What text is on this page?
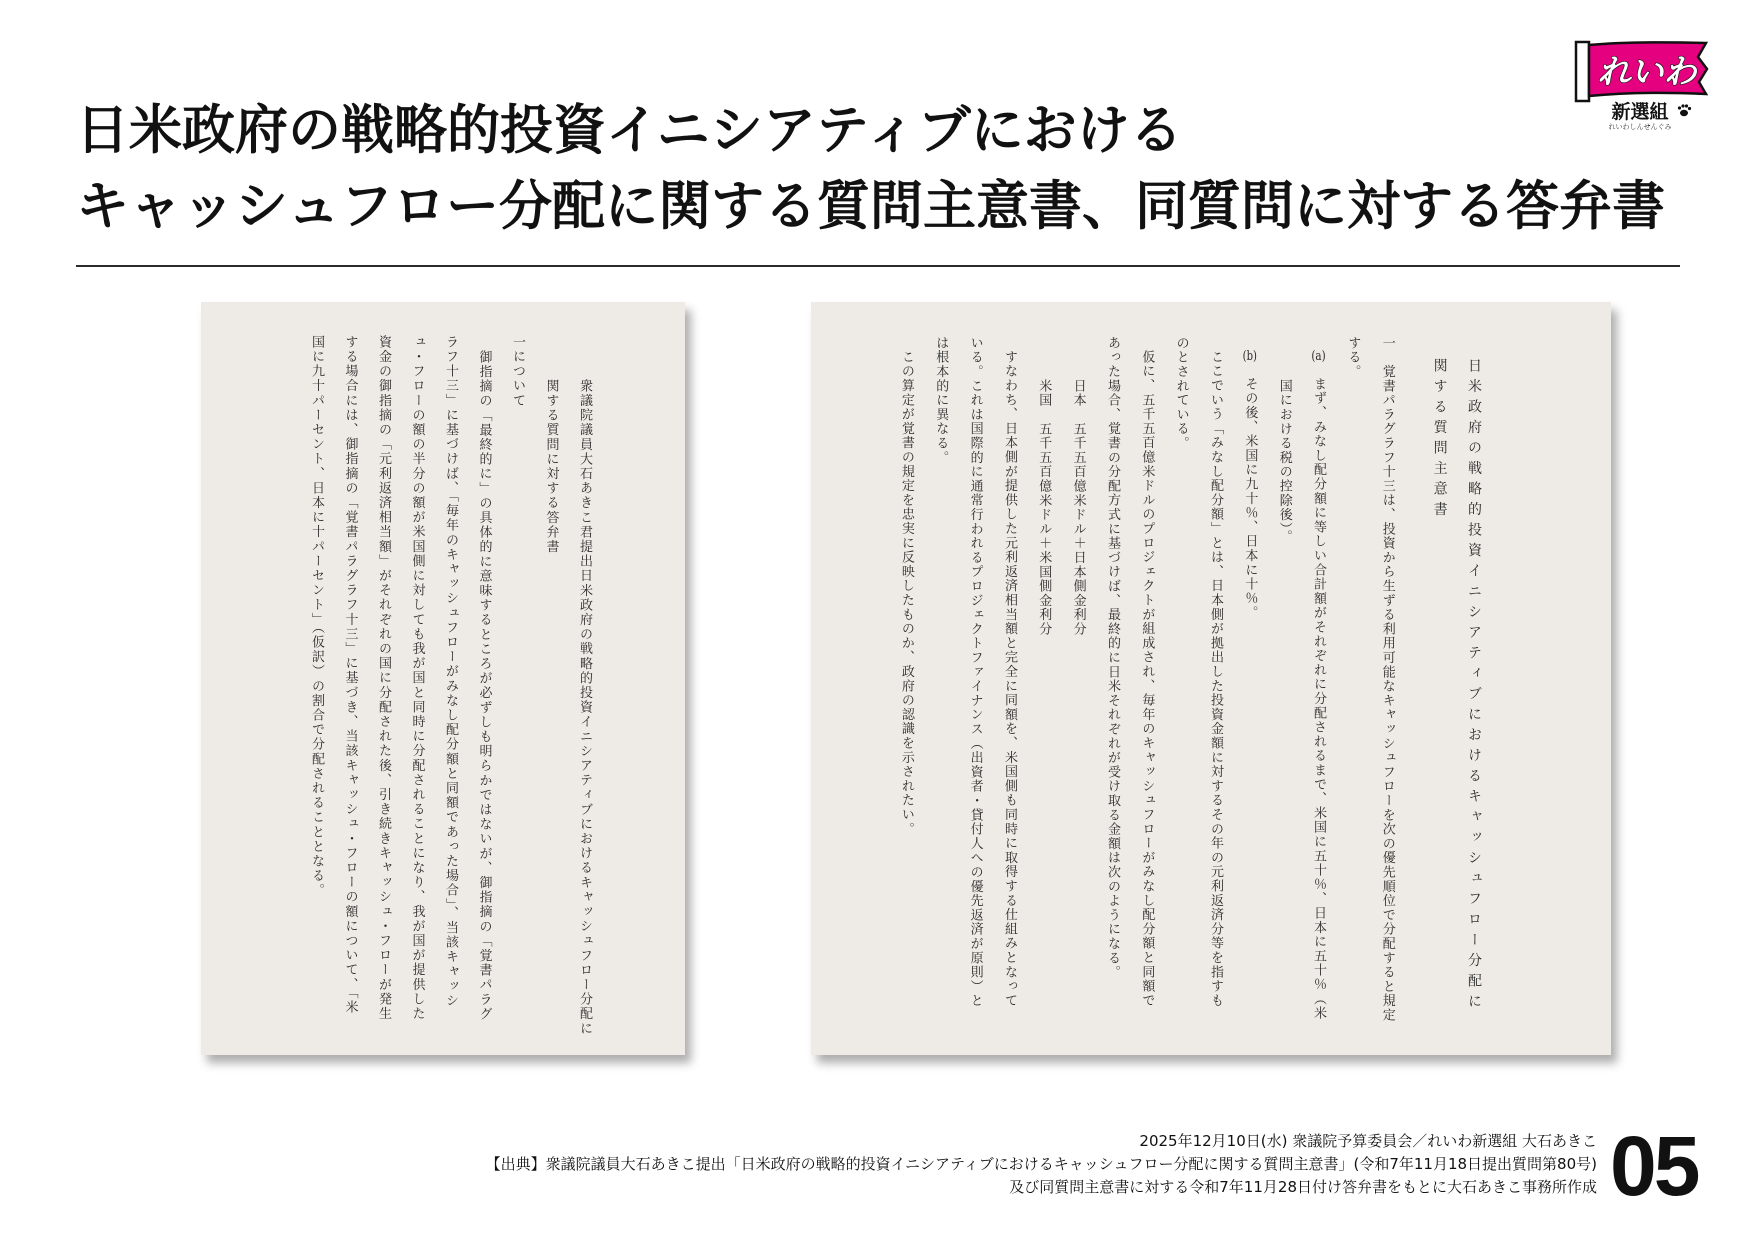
日米政府の戦略的投資イニシアティブにおける
キャッシュフロー分配に関する質問主意書、同質問に対する答弁書
れいわ
新選組
れいわしんせんぐみ
衆議院議員大石あきこ君提出日米政府の戦略的投資イニシアティブにおけるキャッシュフロー分配に
関する質問に対する答弁書
一について
御指摘の「最終的に」の具体的に意味するところが必ずしも明らかではないが、御指摘の「覚書パラグ
ラフ十三」に基づけば、「毎年のキャッシュフローがみなし配分額と同額であった場合」、当該キャッシ
ュ・フローの額の半分の額が米国側に対しても我が国と同時に分配されることになり、我が国が提供した
資金の御指摘の「元利返済相当額」がそれぞれの国に分配された後、引き続きキャッシュ・フローが発生
する場合には、御指摘の「覚書パラグラフ十三」に基づき、当該キャッシュ・フローの額について、「米
国に九十パーセント、日本に十パーセント」（仮訳）の割合で分配されることとなる。	日米政府の戦略的投資イニシアティブにおけるキャッシュフロー分配に
関する質問主意書
一　覚書パラグラフ十三は、投資から生ずる利用可能なキャッシュフローを次の優先順位で分配すると規定
する。
(a)まず、みなし配分額に等しい合計額がそれぞれに分配されるまで、米国に五十％、日本に五十％（米
国における税の控除後）。
(b)その後、米国に九十％、日本に十％。
ここでいう「みなし配分額」とは、日本側が拠出した投資金額に対するその年の元利返済分等を指すも
のとされている。
仮に、五千五百億米ドルのプロジェクトが組成され、毎年のキャッシュフローがみなし配分額と同額で
あった場合、覚書の分配方式に基づけば、最終的に日米それぞれが受け取る金額は次のようになる。
日本　五千五百億米ドル＋日本側金利分
米国　五千五百億米ドル＋米国側金利分
すなわち、日本側が提供した元利返済相当額と完全に同額を、米国側も同時に取得する仕組みとなって
いる。これは国際的に通常行われるプロジェクトファイナンス（出資者・貸付人への優先返済が原則）と
は根本的に異なる。
この算定が覚書の規定を忠実に反映したものか、政府の認識を示されたい。
2025年12月10日(水) 衆議院予算委員会／れいわ新選組 大石あきこ
【出典】衆議院議員大石あきこ提出「日米政府の戦略的投資イニシアティブにおけるキャッシュフロー分配に関する質問主意書」(令和7年11月18日提出質問第80号)
及び同質問主意書に対する令和7年11月28日付け答弁書をもとに大石あきこ事務所作成 05
